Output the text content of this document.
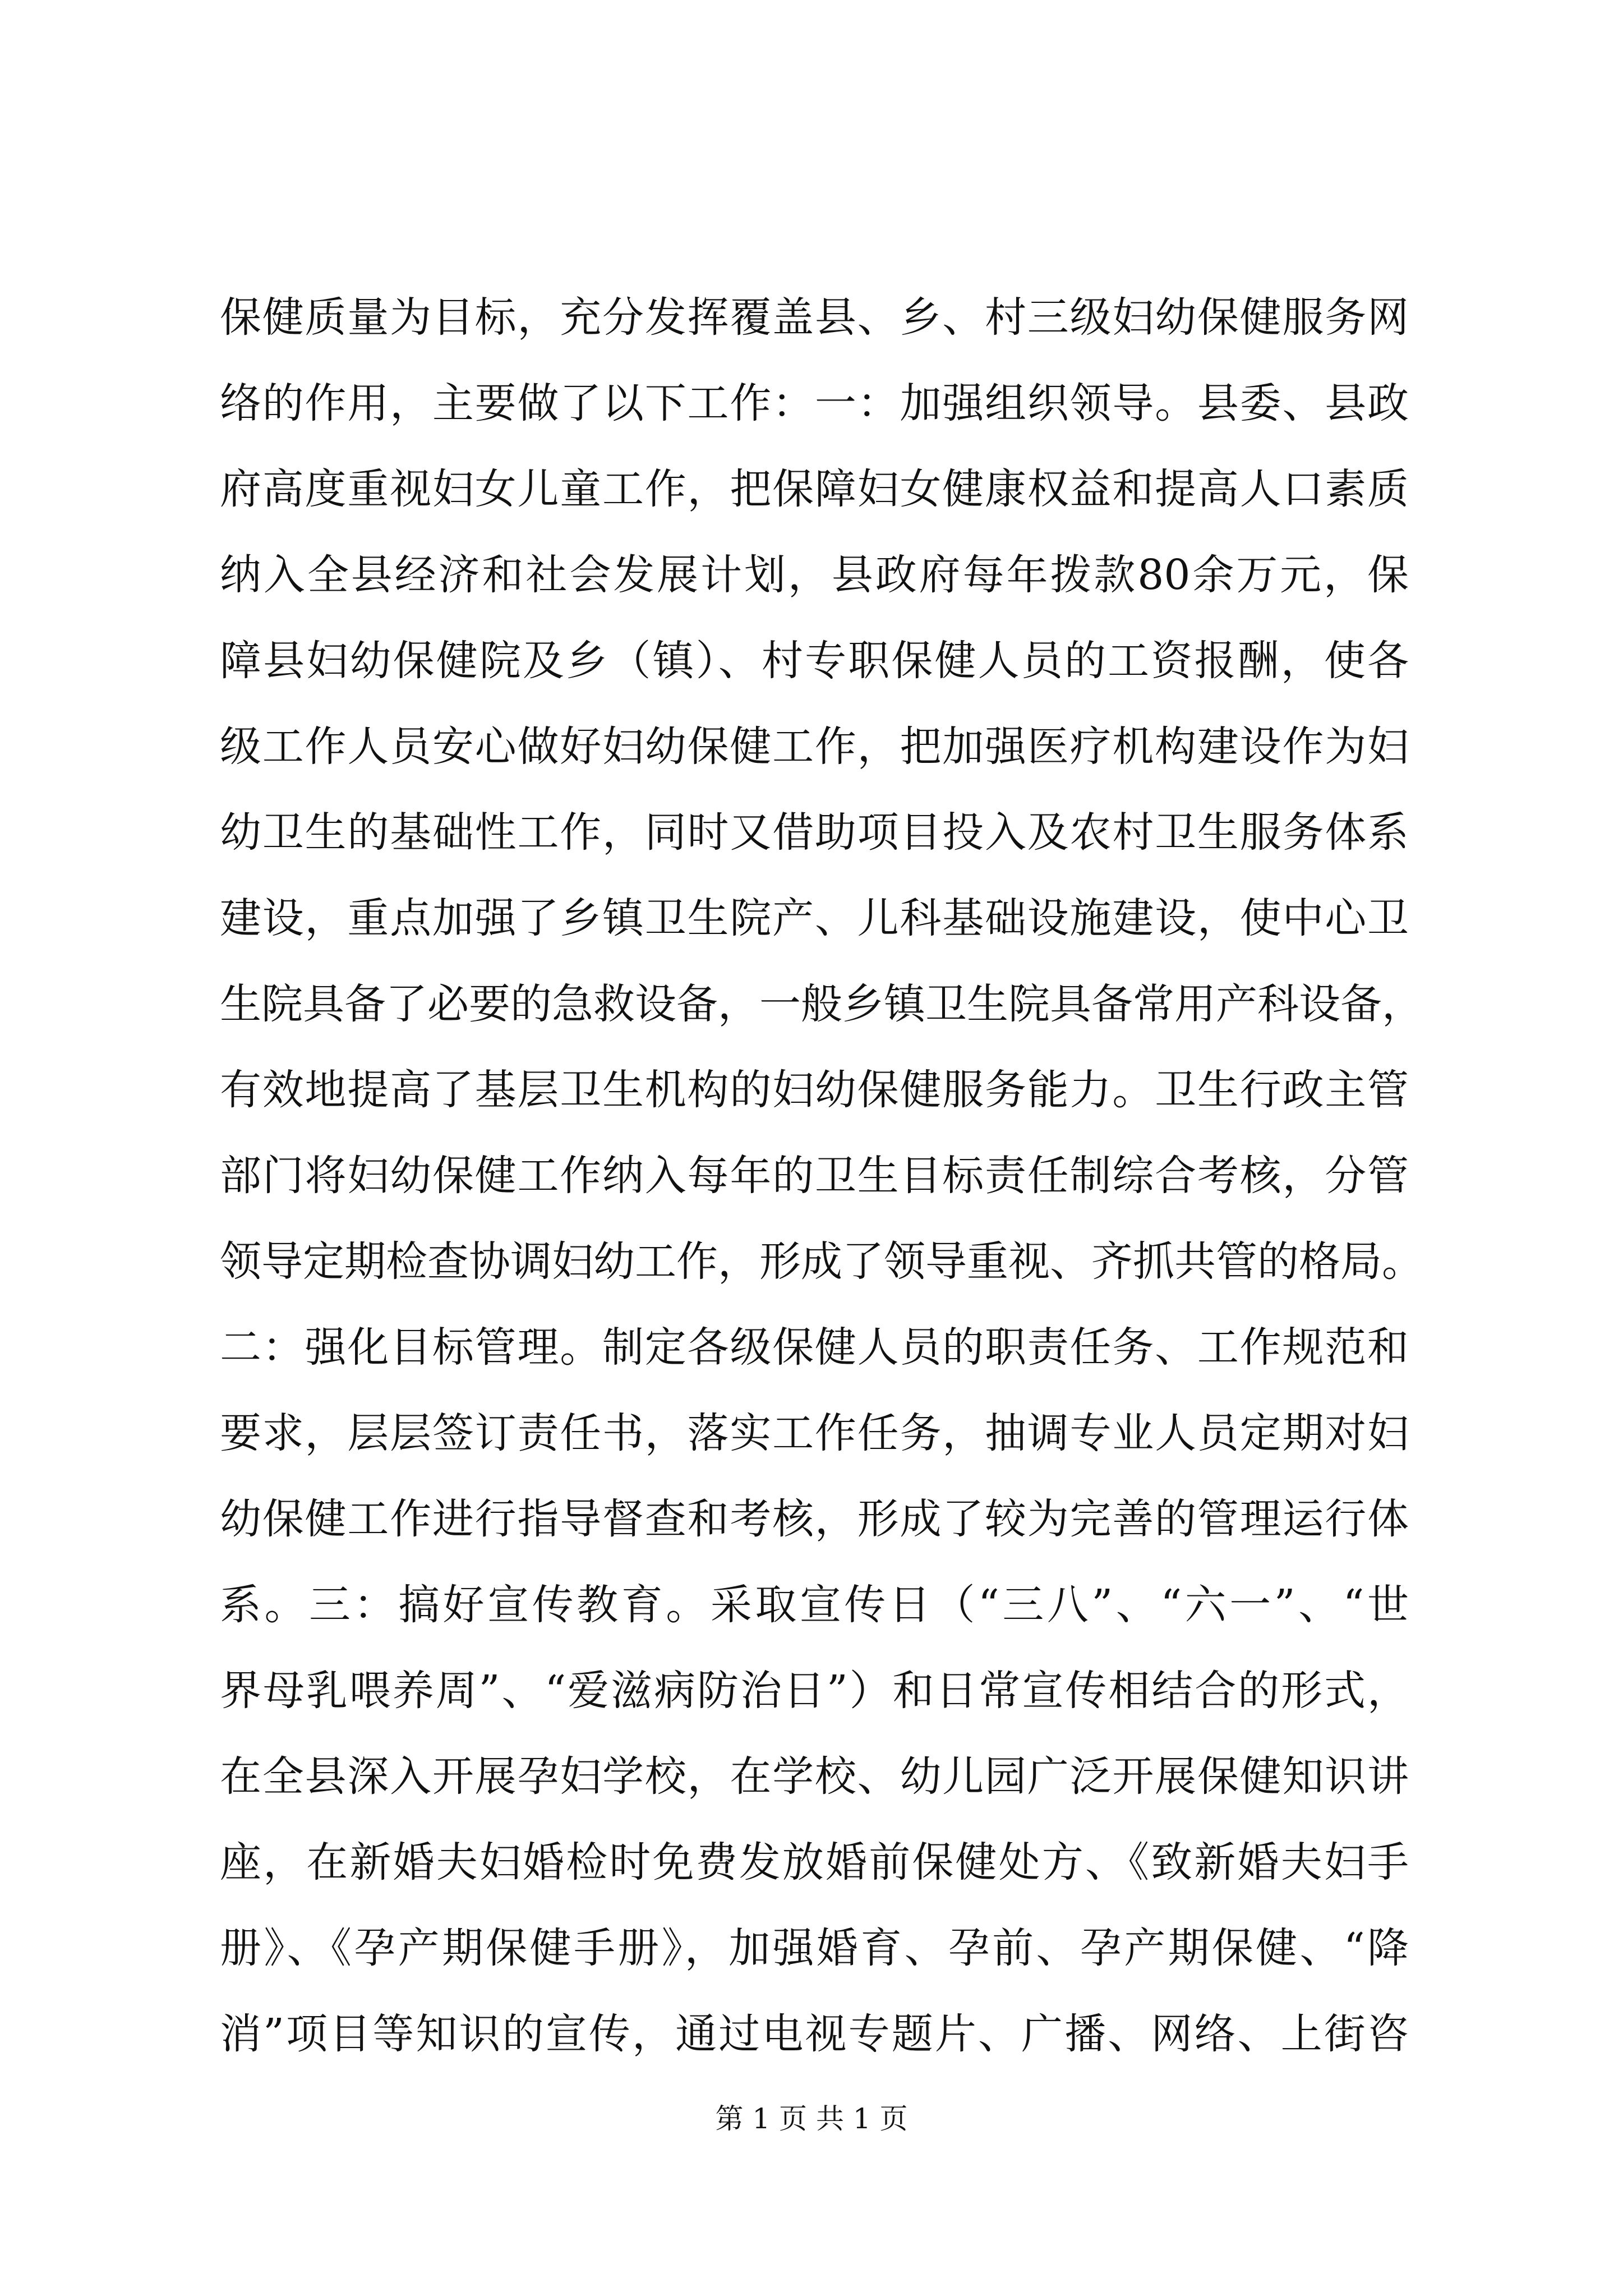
保健质量为目标，充分发挥覆盖县、乡、村三级妇幼保健服务网
络的作用，主要做了以下工作：一：加强组织领导。县委、县政
府高度重视妇女儿童工作，把保障妇女健康权益和提高人口素质
纳入全县经济和社会发展计划，县政府每年拨款80余万元，保
障县妇幼保健院及乡（镇）、村专职保健人员的工资报酬，使各
级工作人员安心做好妇幼保健工作，把加强医疗机构建设作为妇
幼卫生的基础性工作，同时又借助项目投入及农村卫生服务体系
建设，重点加强了乡镇卫生院产、儿科基础设施建设，使中心卫
生院具备了必要的急救设备，一般乡镇卫生院具备常用产科设备，
有效地提高了基层卫生机构的妇幼保健服务能力。卫生行政主管
部门将妇幼保健工作纳入每年的卫生目标责任制综合考核，分管
领导定期检查协调妇幼工作，形成了领导重视、齐抓共管的格局。
二：强化目标管理。制定各级保健人员的职责任务、工作规范和
要求，层层签订责任书，落实工作任务，抽调专业人员定期对妇
幼保健工作进行指导督查和考核，形成了较为完善的管理运行体
系。三：搞好宣传教育。采取宣传日（“三八”、“六一”、“世
界母乳喂养周”、“爱滋病防治日”）和日常宣传相结合的形式，
在全县深入开展孕妇学校，在学校、幼儿园广泛开展保健知识讲
座，在新婚夫妇婚检时免费发放婚前保健处方、《致新婚夫妇手
册》、《孕产期保健手册》，加强婚育、孕前、孕产期保健、“降
消”项目等知识的宣传，通过电视专题片、广播、网络、上街咨
第 1 页 共 1 页
